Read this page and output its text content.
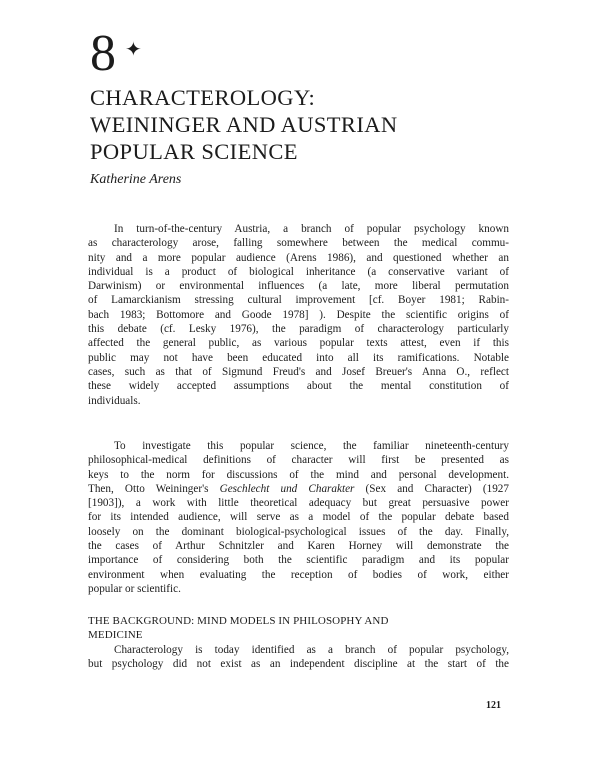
8 ✦
CHARACTEROLOGY:
WEININGER AND AUSTRIAN
POPULAR SCIENCE
Katherine Arens
In turn-of-the-century Austria, a branch of popular psychology known
as characterology arose, falling somewhere between the medical commu-
nity and a more popular audience (Arens 1986), and questioned whether an
individual is a product of biological inheritance (a conservative variant of
Darwinism) or environmental influences (a late, more liberal permutation
of Lamarckianism stressing cultural improvement [cf. Boyer 1981; Rabin-
bach 1983; Bottomore and Goode 1978] ). Despite the scientific origins of
this debate (cf. Lesky 1976), the paradigm of characterology particularly
affected the general public, as various popular texts attest, even if this
public may not have been educated into all its ramifications. Notable
cases, such as that of Sigmund Freud's and Josef Breuer's Anna O., reflect
these widely accepted assumptions about the mental constitution of
individuals.
To investigate this popular science, the familiar nineteenth-century
philosophical-medical definitions of character will first be presented as
keys to the norm for discussions of the mind and personal development.
Then, Otto Weininger's Geschlecht und Charakter (Sex and Character) (1927
[1903]), a work with little theoretical adequacy but great persuasive power
for its intended audience, will serve as a model of the popular debate based
loosely on the dominant biological-psychological issues of the day. Finally,
the cases of Arthur Schnitzler and Karen Horney will demonstrate the
importance of considering both the scientific paradigm and its popular
environment when evaluating the reception of bodies of work, either
popular or scientific.
THE BACKGROUND: MIND MODELS IN PHILOSOPHY AND
MEDICINE
Characterology is today identified as a branch of popular psychology,
but psychology did not exist as an independent discipline at the start of the
121
